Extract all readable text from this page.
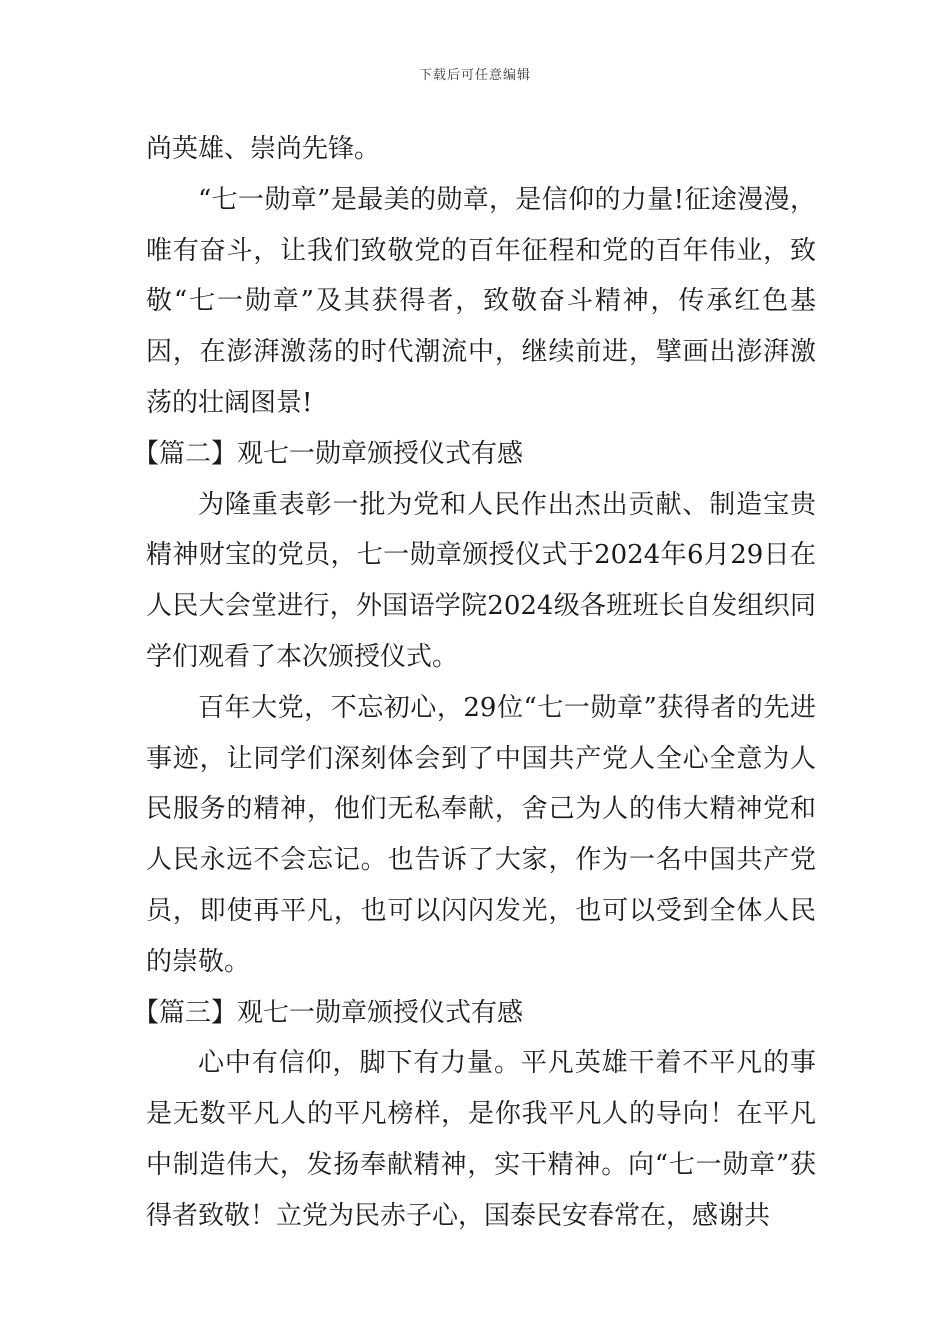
下载后可任意编辑

尚英雄、崇尚先锋。

“七一勋章”是最美的勋章，是信仰的力量!征途漫漫，唯有奋斗，让我们致敬党的百年征程和党的百年伟业，致敬“七一勋章”及其获得者，致敬奋斗精神，传承红色基因，在澎湃激荡的时代潮流中，继续前进，擘画出澎湃激荡的壮阔图景!

【篇二】观七一勋章颁授仪式有感

为隆重表彰一批为党和人民作出杰出贡献、制造宝贵精神财宝的党员，七一勋章颁授仪式于2024年6月29日在人民大会堂进行，外国语学院2024级各班班长自发组织同学们观看了本次颁授仪式。

百年大党，不忘初心，29位“七一勋章”获得者的先进事迹，让同学们深刻体会到了中国共产党人全心全意为人民服务的精神，他们无私奉献，舍己为人的伟大精神党和人民永远不会忘记。也告诉了大家，作为一名中国共产党员，即使再平凡，也可以闪闪发光，也可以受到全体人民的崇敬。

【篇三】观七一勋章颁授仪式有感

心中有信仰，脚下有力量。平凡英雄干着不平凡的事是无数平凡人的平凡榜样，是你我平凡人的导向！在平凡中制造伟大，发扬奉献精神，实干精神。向“七一勋章”获得者致敬！立党为民赤子心，国泰民安春常在，感谢共
